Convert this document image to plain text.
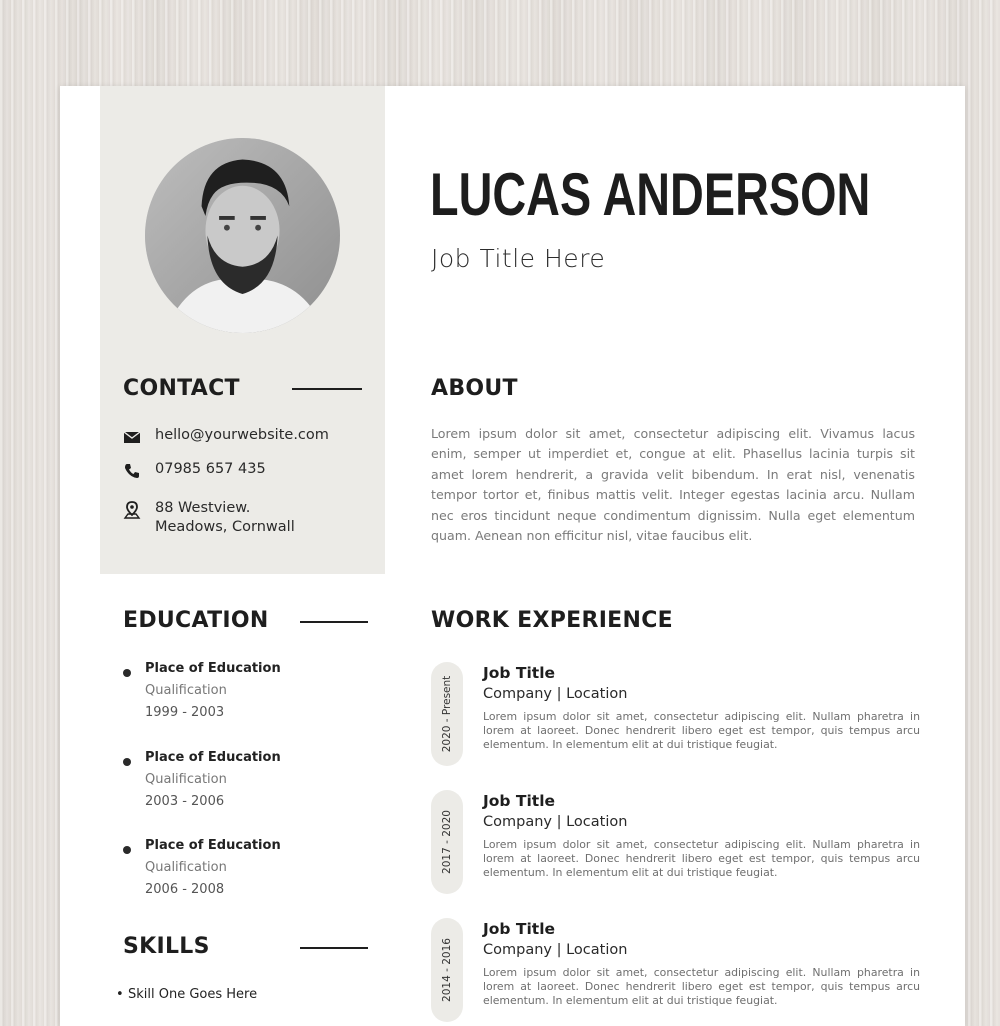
LUCAS ANDERSON
Job Title Here
CONTACT
hello@yourwebsite.com
07985 657 435
88 Westview. Meadows, Cornwall
ABOUT
Lorem ipsum dolor sit amet, consectetur adipiscing elit. Vivamus lacus enim, semper ut imperdiet et, congue at elit. Phasellus lacinia turpis sit amet lorem hendrerit, a gravida velit bibendum. In erat nisl, venenatis tempor tortor et, finibus mattis velit. Integer egestas lacinia arcu. Nullam nec eros tincidunt neque condimentum dignissim. Nulla eget elementum quam. Aenean non efficitur nisl, vitae faucibus elit.
EDUCATION
Place of Education
Qualification
1999 - 2003
Place of Education
Qualification
2003 - 2006
Place of Education
Qualification
2006 - 2008
SKILLS
• Skill One Goes Here
WORK EXPERIENCE
2020 - Present
Job Title
Company | Location
Lorem ipsum dolor sit amet, consectetur adipiscing elit. Nullam pharetra in lorem at laoreet. Donec hendrerit libero eget est tempor, quis tempus arcu elementum. In elementum elit at dui tristique feugiat.
2017 - 2020
Job Title
Company | Location
Lorem ipsum dolor sit amet, consectetur adipiscing elit. Nullam pharetra in lorem at laoreet. Donec hendrerit libero eget est tempor, quis tempus arcu elementum. In elementum elit at dui tristique feugiat.
2014 - 2016
Job Title
Company | Location
Lorem ipsum dolor sit amet, consectetur adipiscing elit. Nullam pharetra in lorem at laoreet. Donec hendrerit libero eget est tempor, quis tempus arcu elementum. In elementum elit at dui tristique feugiat.
